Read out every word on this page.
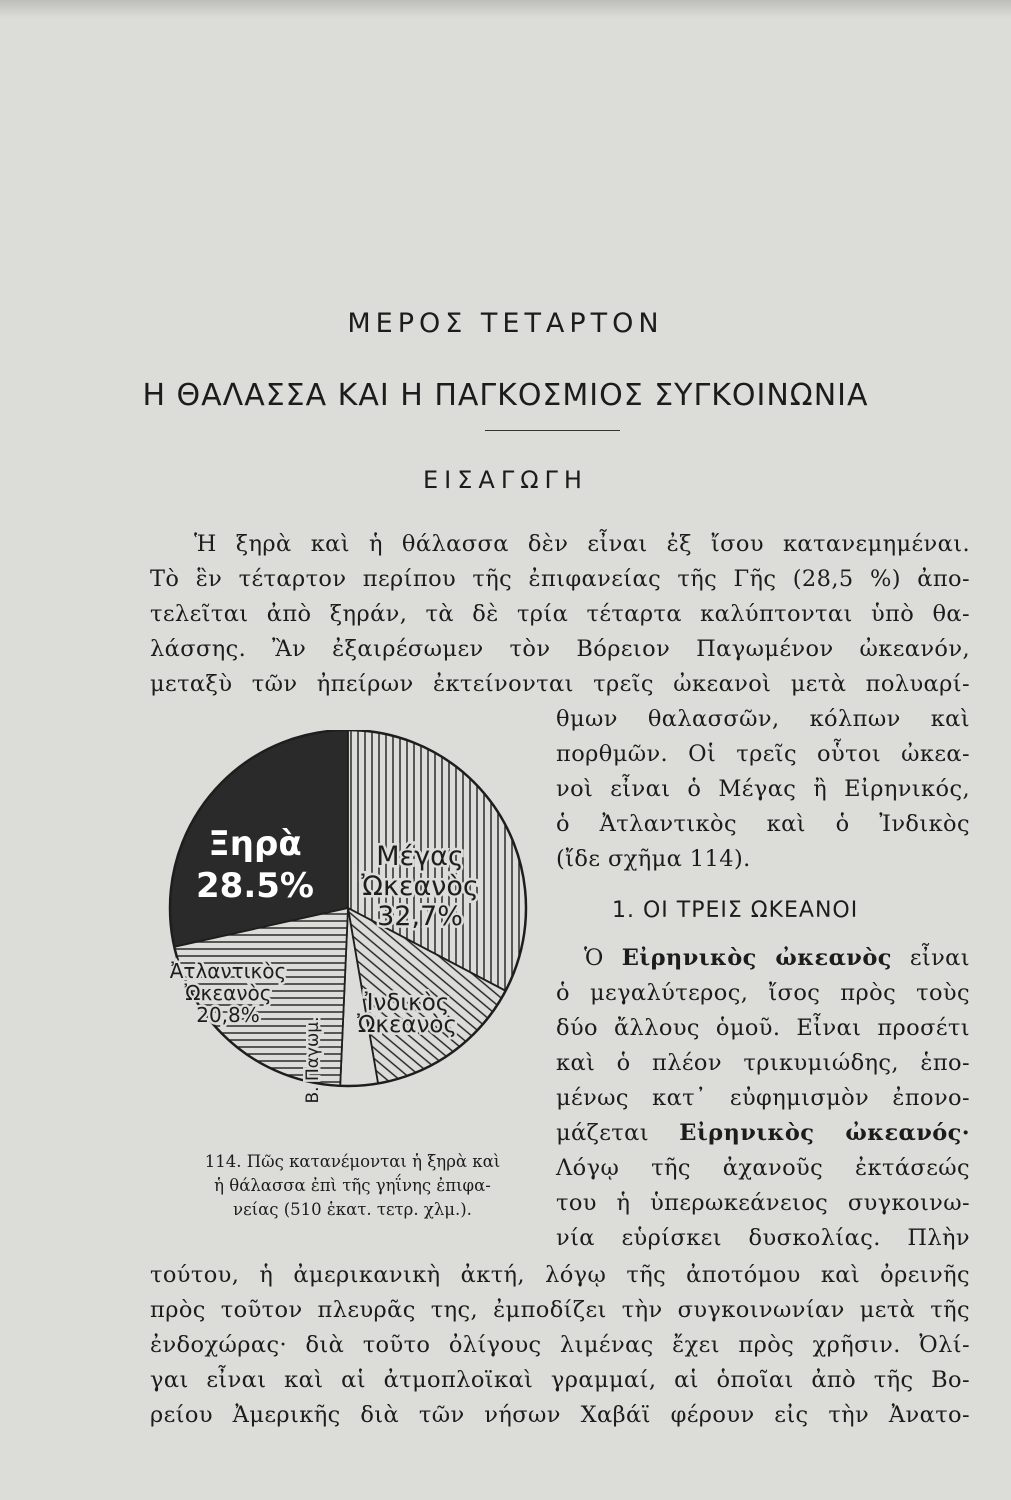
ΜΕΡΟΣ ΤΕΤΑΡΤΟΝ
Η ΘΑΛΑΣΣΑ ΚΑΙ Η ΠΑΓΚΟΣΜΙΟΣ ΣΥΓΚΟΙΝΩΝΙΑ
ΕΙΣΑΓΩΓΗ
Ἡ ξηρὰ καὶ ἡ θάλασσα δὲν εἶναι ἐξ ἴσου κατανεμημέναι.
Τὸ ἓν τέταρτον περίπου τῆς ἐπιφανείας τῆς Γῆς (28,5 %) ἀπο-
τελεῖται ἀπὸ ξηράν, τὰ δὲ τρία τέταρτα καλύπτονται ὑπὸ θα-
λάσσης. Ἂν ἐξαιρέσωμεν τὸν Βόρειον Παγωμένον ὠκεανόν,
μεταξὺ τῶν ἠπείρων ἐκτείνονται τρεῖς ὠκεανοὶ μετὰ πολυαρί-
θμων θαλασσῶν, κόλπων καὶ
πορθμῶν. Οἱ τρεῖς οὗτοι ὠκεα-
νοὶ εἶναι ὁ Μέγας ἢ Εἰρηνικός,
ὁ Ἀτλαντικὸς καὶ ὁ Ἰνδικὸς
(ἴδε σχῆμα 114).
1. ΟΙ ΤΡΕΙΣ ΩΚΕΑΝΟΙ
Ὁ Εἰρηνικὸς ὠκεανὸς εἶναι
ὁ μεγαλύτερος, ἴσος πρὸς τοὺς
δύο ἄλλους ὁμοῦ. Εἶναι προσέτι
καὶ ὁ πλέον τρικυμιώδης, ἑπο-
μένως κατ᾽ εὐφημισμὸν ἐπονο-
μάζεται Εἰρηνικὸς ὠκεανός·
Λόγῳ τῆς ἀχανοῦς ἐκτάσεώς
του ἡ ὑπερωκεάνειος συγκοινω-
νία εὑρίσκει δυσκολίας. Πλὴν
τούτου, ἡ ἀμερικανικὴ ἀκτή, λόγῳ τῆς ἀποτόμου καὶ ὀρεινῆς
πρὸς τοῦτον πλευρᾶς της, ἐμποδίζει τὴν συγκοινωνίαν μετὰ τῆς
ἐνδοχώρας· διὰ τοῦτο ὀλίγους λιμένας ἔχει πρὸς χρῆσιν. Ὀλί-
γαι εἶναι καὶ αἱ ἀτμοπλοϊκαὶ γραμμαί, αἱ ὁποῖαι ἀπὸ τῆς Βο-
ρείου Ἀμερικῆς διὰ τῶν νήσων Χαβάϊ φέρουν εἰς τὴν Ἀνατο-
Ξηρὰ 28.5%
Μέγας Ὠκεανὸς 32,7%
Ἰνδικὸς Ὠκεανὸς
Β. Παγωμ.
Ἀτλαντικὸς Ὠκεανὸς 20,8%
114. Πῶς κατανέμονται ἡ ξηρὰ καὶ
ἡ θάλασσα ἐπὶ τῆς γηΐνης ἐπιφα-
νείας (510 ἑκατ. τετρ. χλμ.).
